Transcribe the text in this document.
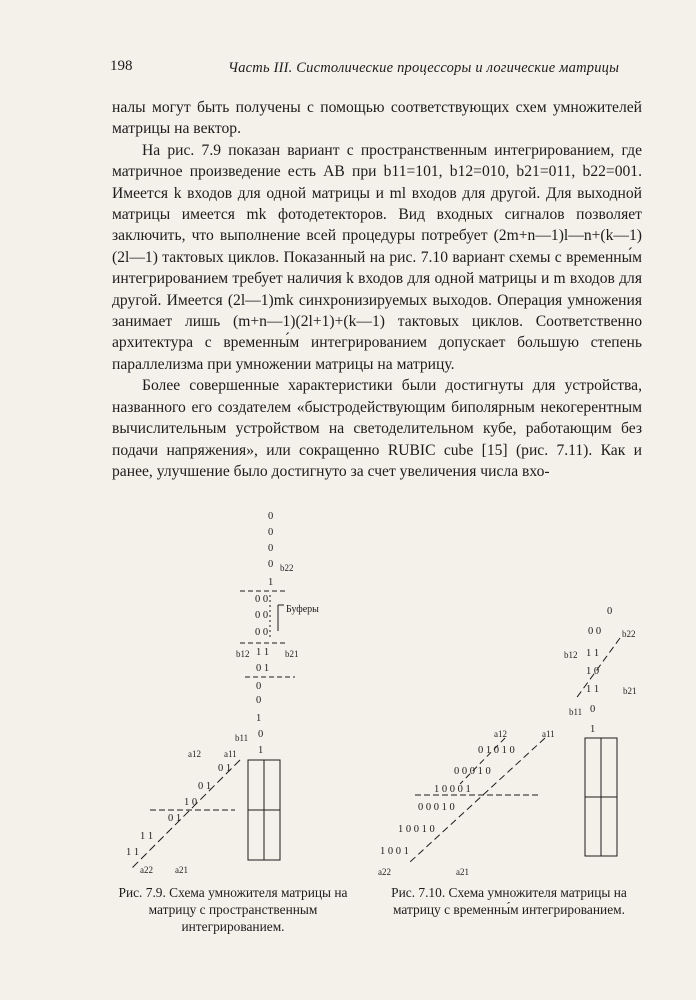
198	Часть III. Систолические процессоры и логические матрицы

налы могут быть получены с помощью соответствующих схем умножителей матрицы на вектор.

На рис. 7.9 показан вариант с пространственным интегрированием, где матричное произведение есть AB при b11=101, b12=010, b21=011, b22=001. Имеется k входов для одной матрицы и ml входов для другой. Для выходной матрицы имеется mk фотодетекторов. Вид входных сигналов позволяет заключить, что выполнение всей процедуры потребует (2m+n—1)l—n+(k—1)(2l—1) тактовых циклов. Показанный на рис. 7.10 вариант схемы с временны́м интегрированием требует наличия k входов для одной матрицы и m входов для другой. Имеется (2l—1)mk синхронизируемых выходов. Операция умножения занимает лишь (m+n—1)(2l+1)+(k—1) тактовых циклов. Соответственно архитектура с временны́м интегрированием допускает большую степень параллелизма при умножении матрицы на матрицу.

Более совершенные характеристики были достигнуты для устройства, названного его создателем «быстродействующим биполярным некогерентным вычислительным устройством на светоделительном кубе, работающим без подачи напряжения», или сокращенно RUBIC cube [15] (рис. 7.11). Как и ранее, улучшение было достигнуто за счет увеличения числа вхо-

0
0
0
0 b22
1
0 0
0 0
0 0
b12 1 1 b21
0 1
0
0
1
b11 0
1
Буферы
a12	a11
0 1
0 1
1 0
0 1
1 1
1 1
a22 a21
0
0 0 b22
b12 1 1
1 0
1 1	b21
b11 0
1
a12	a11
0 1 0 1 0
0 0 0 1 0
1 0 0 0 1
0 0 0 1 0
1 0 0 1 0
1 0 0 1
a22	a21
Рис. 7.9. Схема умножителя матрицы на матрицу с пространственным интегрированием.
Рис. 7.10. Схема умножителя матрицы на матрицу с временны́м интегрированием.
